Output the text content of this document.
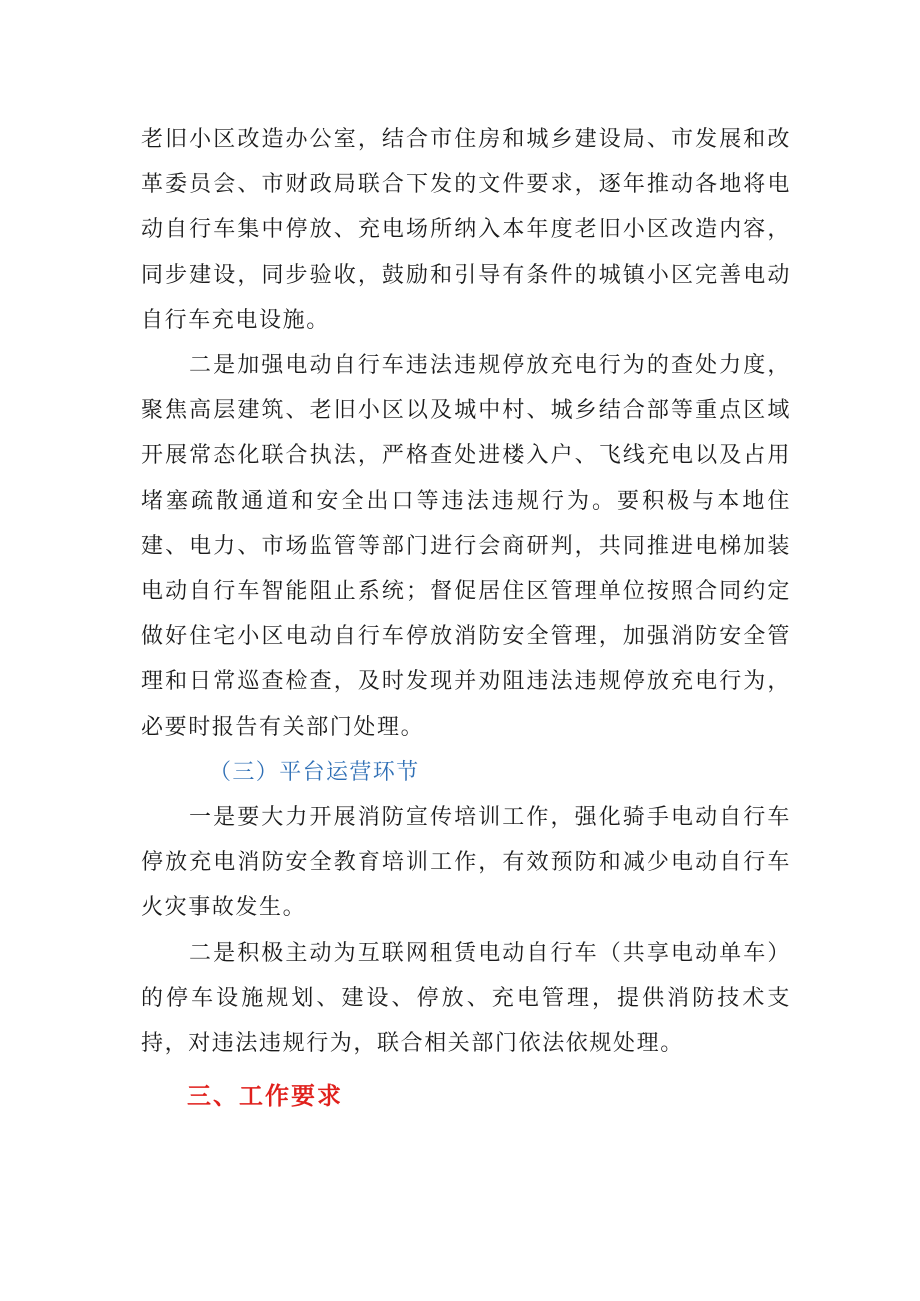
老旧小区改造办公室，结合市住房和城乡建设局、市发展和改革委员会、市财政局联合下发的文件要求，逐年推动各地将电动自行车集中停放、充电场所纳入本年度老旧小区改造内容，同步建设，同步验收，鼓励和引导有条件的城镇小区完善电动自行车充电设施。

二是加强电动自行车违法违规停放充电行为的查处力度，聚焦高层建筑、老旧小区以及城中村、城乡结合部等重点区域开展常态化联合执法，严格查处进楼入户、飞线充电以及占用堵塞疏散通道和安全出口等违法违规行为。要积极与本地住建、电力、市场监管等部门进行会商研判，共同推进电梯加装电动自行车智能阻止系统；督促居住区管理单位按照合同约定做好住宅小区电动自行车停放消防安全管理，加强消防安全管理和日常巡查检查，及时发现并劝阻违法违规停放充电行为，必要时报告有关部门处理。

（三）平台运营环节

一是要大力开展消防宣传培训工作，强化骑手电动自行车停放充电消防安全教育培训工作，有效预防和减少电动自行车火灾事故发生。

二是积极主动为互联网租赁电动自行车（共享电动单车）的停车设施规划、建设、停放、充电管理，提供消防技术支持，对违法违规行为，联合相关部门依法依规处理。

三、工作要求
